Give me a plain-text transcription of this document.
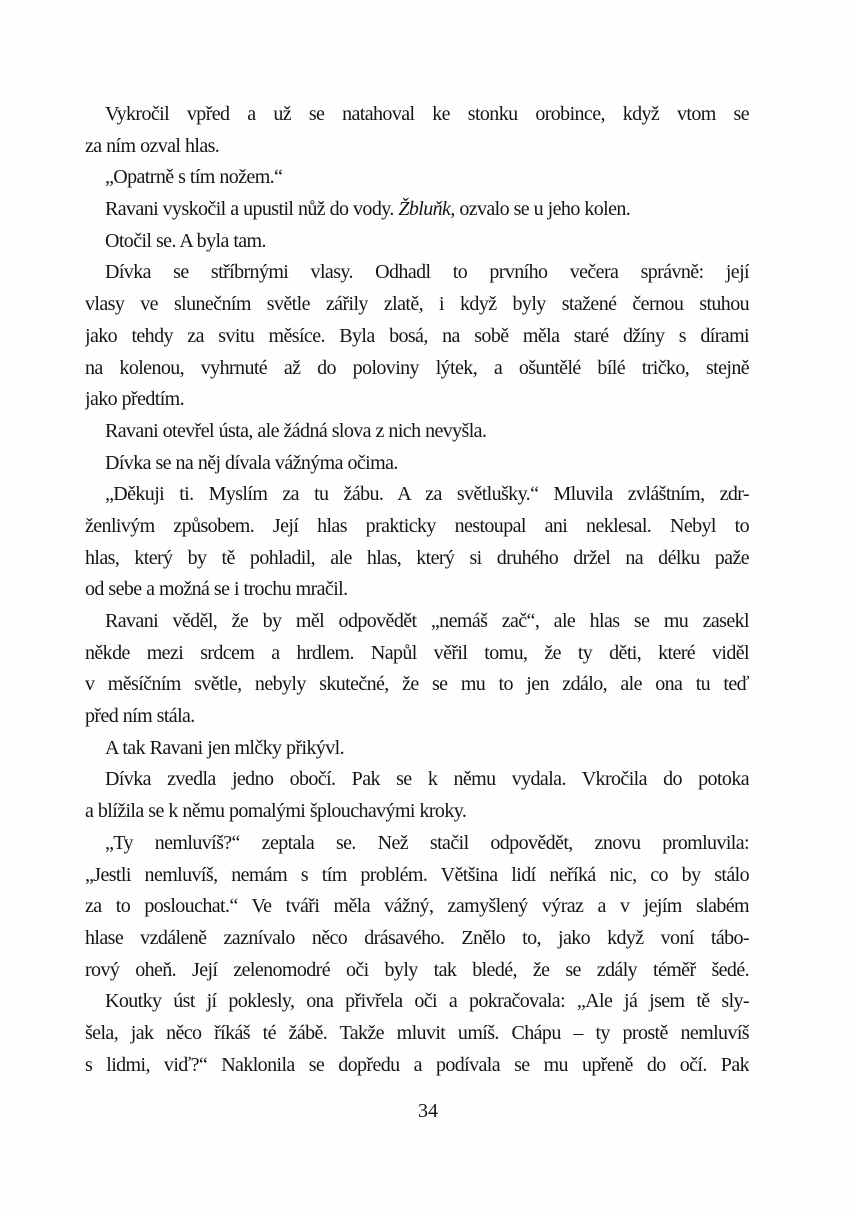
Vykročil vpřed a už se natahoval ke stonku orobince, když vtom se
za ním ozval hlas.
„Opatrně s tím nožem.“
Ravani vyskočil a upustil nůž do vody. Žbluňk, ozvalo se u jeho kolen.
Otočil se. A byla tam.
Dívka se stříbrnými vlasy. Odhadl to prvního večera správně: její
vlasy ve slunečním světle zářily zlatě, i když byly stažené černou stuhou
jako tehdy za svitu měsíce. Byla bosá, na sobě měla staré džíny s dírami
na kolenou, vyhrnuté až do poloviny lýtek, a ošuntělé bílé tričko, stejně
jako předtím.
Ravani otevřel ústa, ale žádná slova z nich nevyšla.
Dívka se na něj dívala vážnýma očima.
„Děkuji ti. Myslím za tu žábu. A za světlušky.“ Mluvila zvláštním, zdr-
ženlivým způsobem. Její hlas prakticky nestoupal ani neklesal. Nebyl to
hlas, který by tě pohladil, ale hlas, který si druhého držel na délku paže
od sebe a možná se i trochu mračil.
Ravani věděl, že by měl odpovědět „nemáš zač“, ale hlas se mu zasekl
někde mezi srdcem a hrdlem. Napůl věřil tomu, že ty děti, které viděl
v měsíčním světle, nebyly skutečné, že se mu to jen zdálo, ale ona tu teď
před ním stála.
A tak Ravani jen mlčky přikývl.
Dívka zvedla jedno obočí. Pak se k němu vydala. Vkročila do potoka
a blížila se k němu pomalými šplouchavými kroky.
„Ty nemluvíš?“ zeptala se. Než stačil odpovědět, znovu promluvila:
„Jestli nemluvíš, nemám s tím problém. Většina lidí neříká nic, co by stálo
za to poslouchat.“ Ve tváři měla vážný, zamyšlený výraz a v jejím slabém
hlase vzdáleně zaznívalo něco drásavého. Znělo to, jako když voní tábo-
rový oheň. Její zelenomodré oči byly tak bledé, že se zdály téměř šedé.
Koutky úst jí poklesly, ona přivřela oči a pokračovala: „Ale já jsem tě sly-
šela, jak něco říkáš té žábě. Takže mluvit umíš. Chápu – ty prostě nemluvíš
s lidmi, viď?“ Naklonila se dopředu a podívala se mu upřeně do očí. Pak
34
